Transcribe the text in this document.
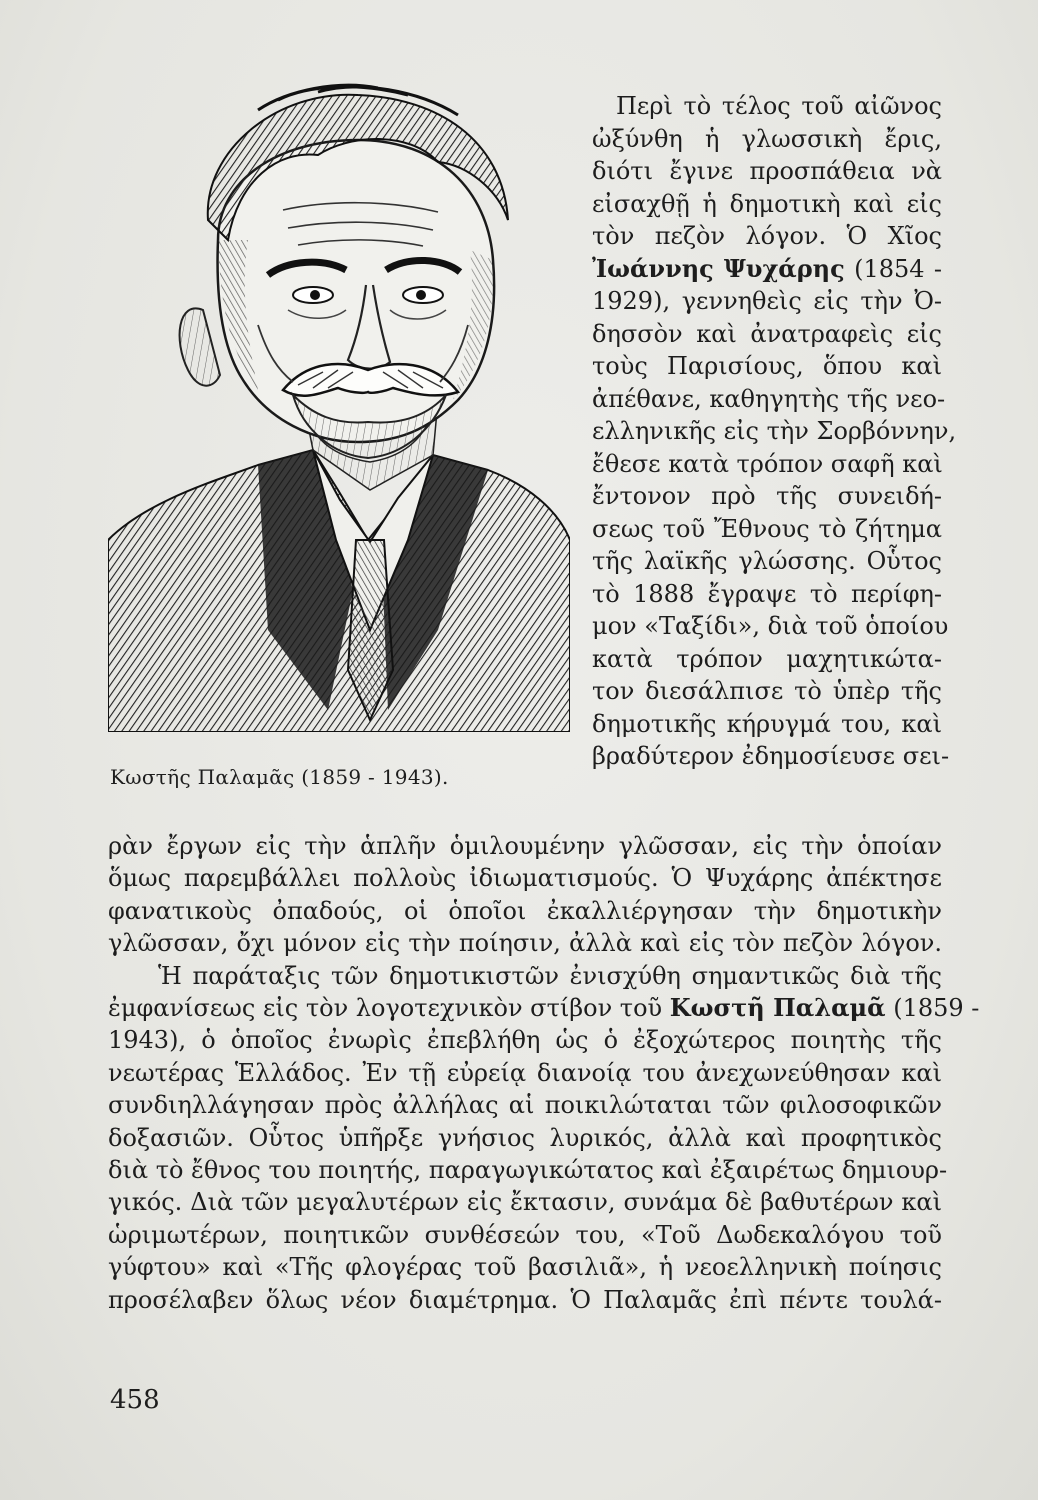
Κωστῆς Παλαμᾶς (1859 - 1943).
Περὶ τὸ τέλος τοῦ αἰῶνος
ὠξύνθη ἡ γλωσσικὴ ἔρις,
διότι ἔγινε προσπάθεια νὰ
εἰσαχθῇ ἡ δημοτικὴ καὶ εἰς
τὸν πεζὸν λόγον. Ὁ Χῖος
Ἰωάννης Ψυχάρης (1854 -
1929), γεννηθεὶς εἰς τὴν Ὀ-
δησσὸν καὶ ἀνατραφεὶς εἰς
τοὺς Παρισίους, ὅπου καὶ
ἀπέθανε, καθηγητὴς τῆς νεο-
ελληνικῆς εἰς τὴν Σορβόννην,
ἔθεσε κατὰ τρόπον σαφῆ καὶ
ἔντονον πρὸ τῆς συνειδή-
σεως τοῦ Ἔθνους τὸ ζήτημα
τῆς λαϊκῆς γλώσσης. Οὗτος
τὸ 1888 ἔγραψε τὸ περίφη-
μον «Ταξίδι», διὰ τοῦ ὁποίου
κατὰ τρόπον μαχητικώτα-
τον διεσάλπισε τὸ ὑπὲρ τῆς
δημοτικῆς κήρυγμά του, καὶ
βραδύτερον ἐδημοσίευσε σει-
ρὰν ἔργων εἰς τὴν ἁπλῆν ὁμιλουμένην γλῶσσαν, εἰς τὴν ὁποίαν
ὅμως παρεμβάλλει πολλοὺς ἰδιωματισμούς. Ὁ Ψυχάρης ἀπέκτησε
φανατικοὺς ὀπαδούς, οἱ ὁποῖοι ἐκαλλιέργησαν τὴν δημοτικὴν
γλῶσσαν, ὄχι μόνον εἰς τὴν ποίησιν, ἀλλὰ καὶ εἰς τὸν πεζὸν λόγον.
Ἡ παράταξις τῶν δημοτικιστῶν ἐνισχύθη σημαντικῶς διὰ τῆς
ἐμφανίσεως εἰς τὸν λογοτεχνικὸν στίβον τοῦ Κωστῆ Παλαμᾶ (1859 -
1943), ὁ ὁποῖος ἐνωρὶς ἐπεβλήθη ὡς ὁ ἐξοχώτερος ποιητὴς τῆς
νεωτέρας Ἑλλάδος. Ἐν τῇ εὐρείᾳ διανοίᾳ του ἀνεχωνεύθησαν καὶ
συνδιηλλάγησαν πρὸς ἀλλήλας αἱ ποικιλώταται τῶν φιλοσοφικῶν
δοξασιῶν. Οὗτος ὑπῆρξε γνήσιος λυρικός, ἀλλὰ καὶ προφητικὸς
διὰ τὸ ἔθνος του ποιητής, παραγωγικώτατος καὶ ἐξαιρέτως δημιουρ-
γικός. Διὰ τῶν μεγαλυτέρων εἰς ἔκτασιν, συνάμα δὲ βαθυτέρων καὶ
ὡριμωτέρων, ποιητικῶν συνθέσεών του, «Τοῦ Δωδεκαλόγου τοῦ
γύφτου» καὶ «Τῆς φλογέρας τοῦ βασιλιᾶ», ἡ νεοελληνικὴ ποίησις
προσέλαβεν ὅλως νέον διαμέτρημα. Ὁ Παλαμᾶς ἐπὶ πέντε τουλά-
458
